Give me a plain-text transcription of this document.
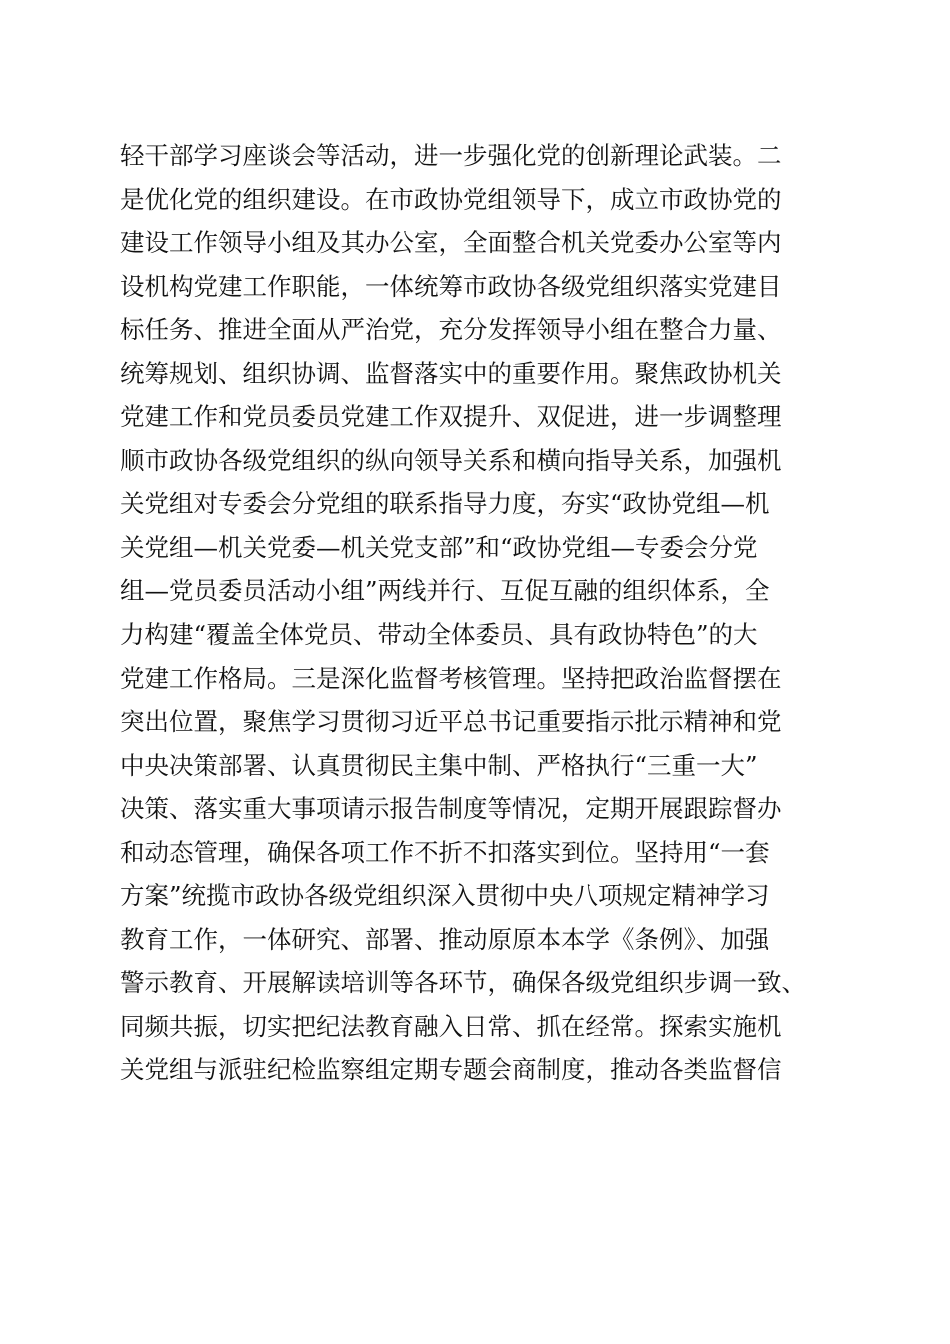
轻干部学习座谈会等活动，进一步强化党的创新理论武装。二
是优化党的组织建设。在市政协党组领导下，成立市政协党的
建设工作领导小组及其办公室，全面整合机关党委办公室等内
设机构党建工作职能，一体统筹市政协各级党组织落实党建目
标任务、推进全面从严治党，充分发挥领导小组在整合力量、
统筹规划、组织协调、监督落实中的重要作用。聚焦政协机关
党建工作和党员委员党建工作双提升、双促进，进一步调整理
顺市政协各级党组织的纵向领导关系和横向指导关系，加强机
关党组对专委会分党组的联系指导力度，夯实“政协党组—机
关党组—机关党委—机关党支部”和“政协党组—专委会分党
组—党员委员活动小组”两线并行、互促互融的组织体系，全
力构建“覆盖全体党员、带动全体委员、具有政协特色”的大
党建工作格局。三是深化监督考核管理。坚持把政治监督摆在
突出位置，聚焦学习贯彻习近平总书记重要指示批示精神和党
中央决策部署、认真贯彻民主集中制、严格执行“三重一大”
决策、落实重大事项请示报告制度等情况，定期开展跟踪督办
和动态管理，确保各项工作不折不扣落实到位。坚持用“一套
方案”统揽市政协各级党组织深入贯彻中央八项规定精神学习
教育工作，一体研究、部署、推动原原本本学《条例》、加强
警示教育、开展解读培训等各环节，确保各级党组织步调一致、
同频共振，切实把纪法教育融入日常、抓在经常。探索实施机
关党组与派驻纪检监察组定期专题会商制度，推动各类监督信
